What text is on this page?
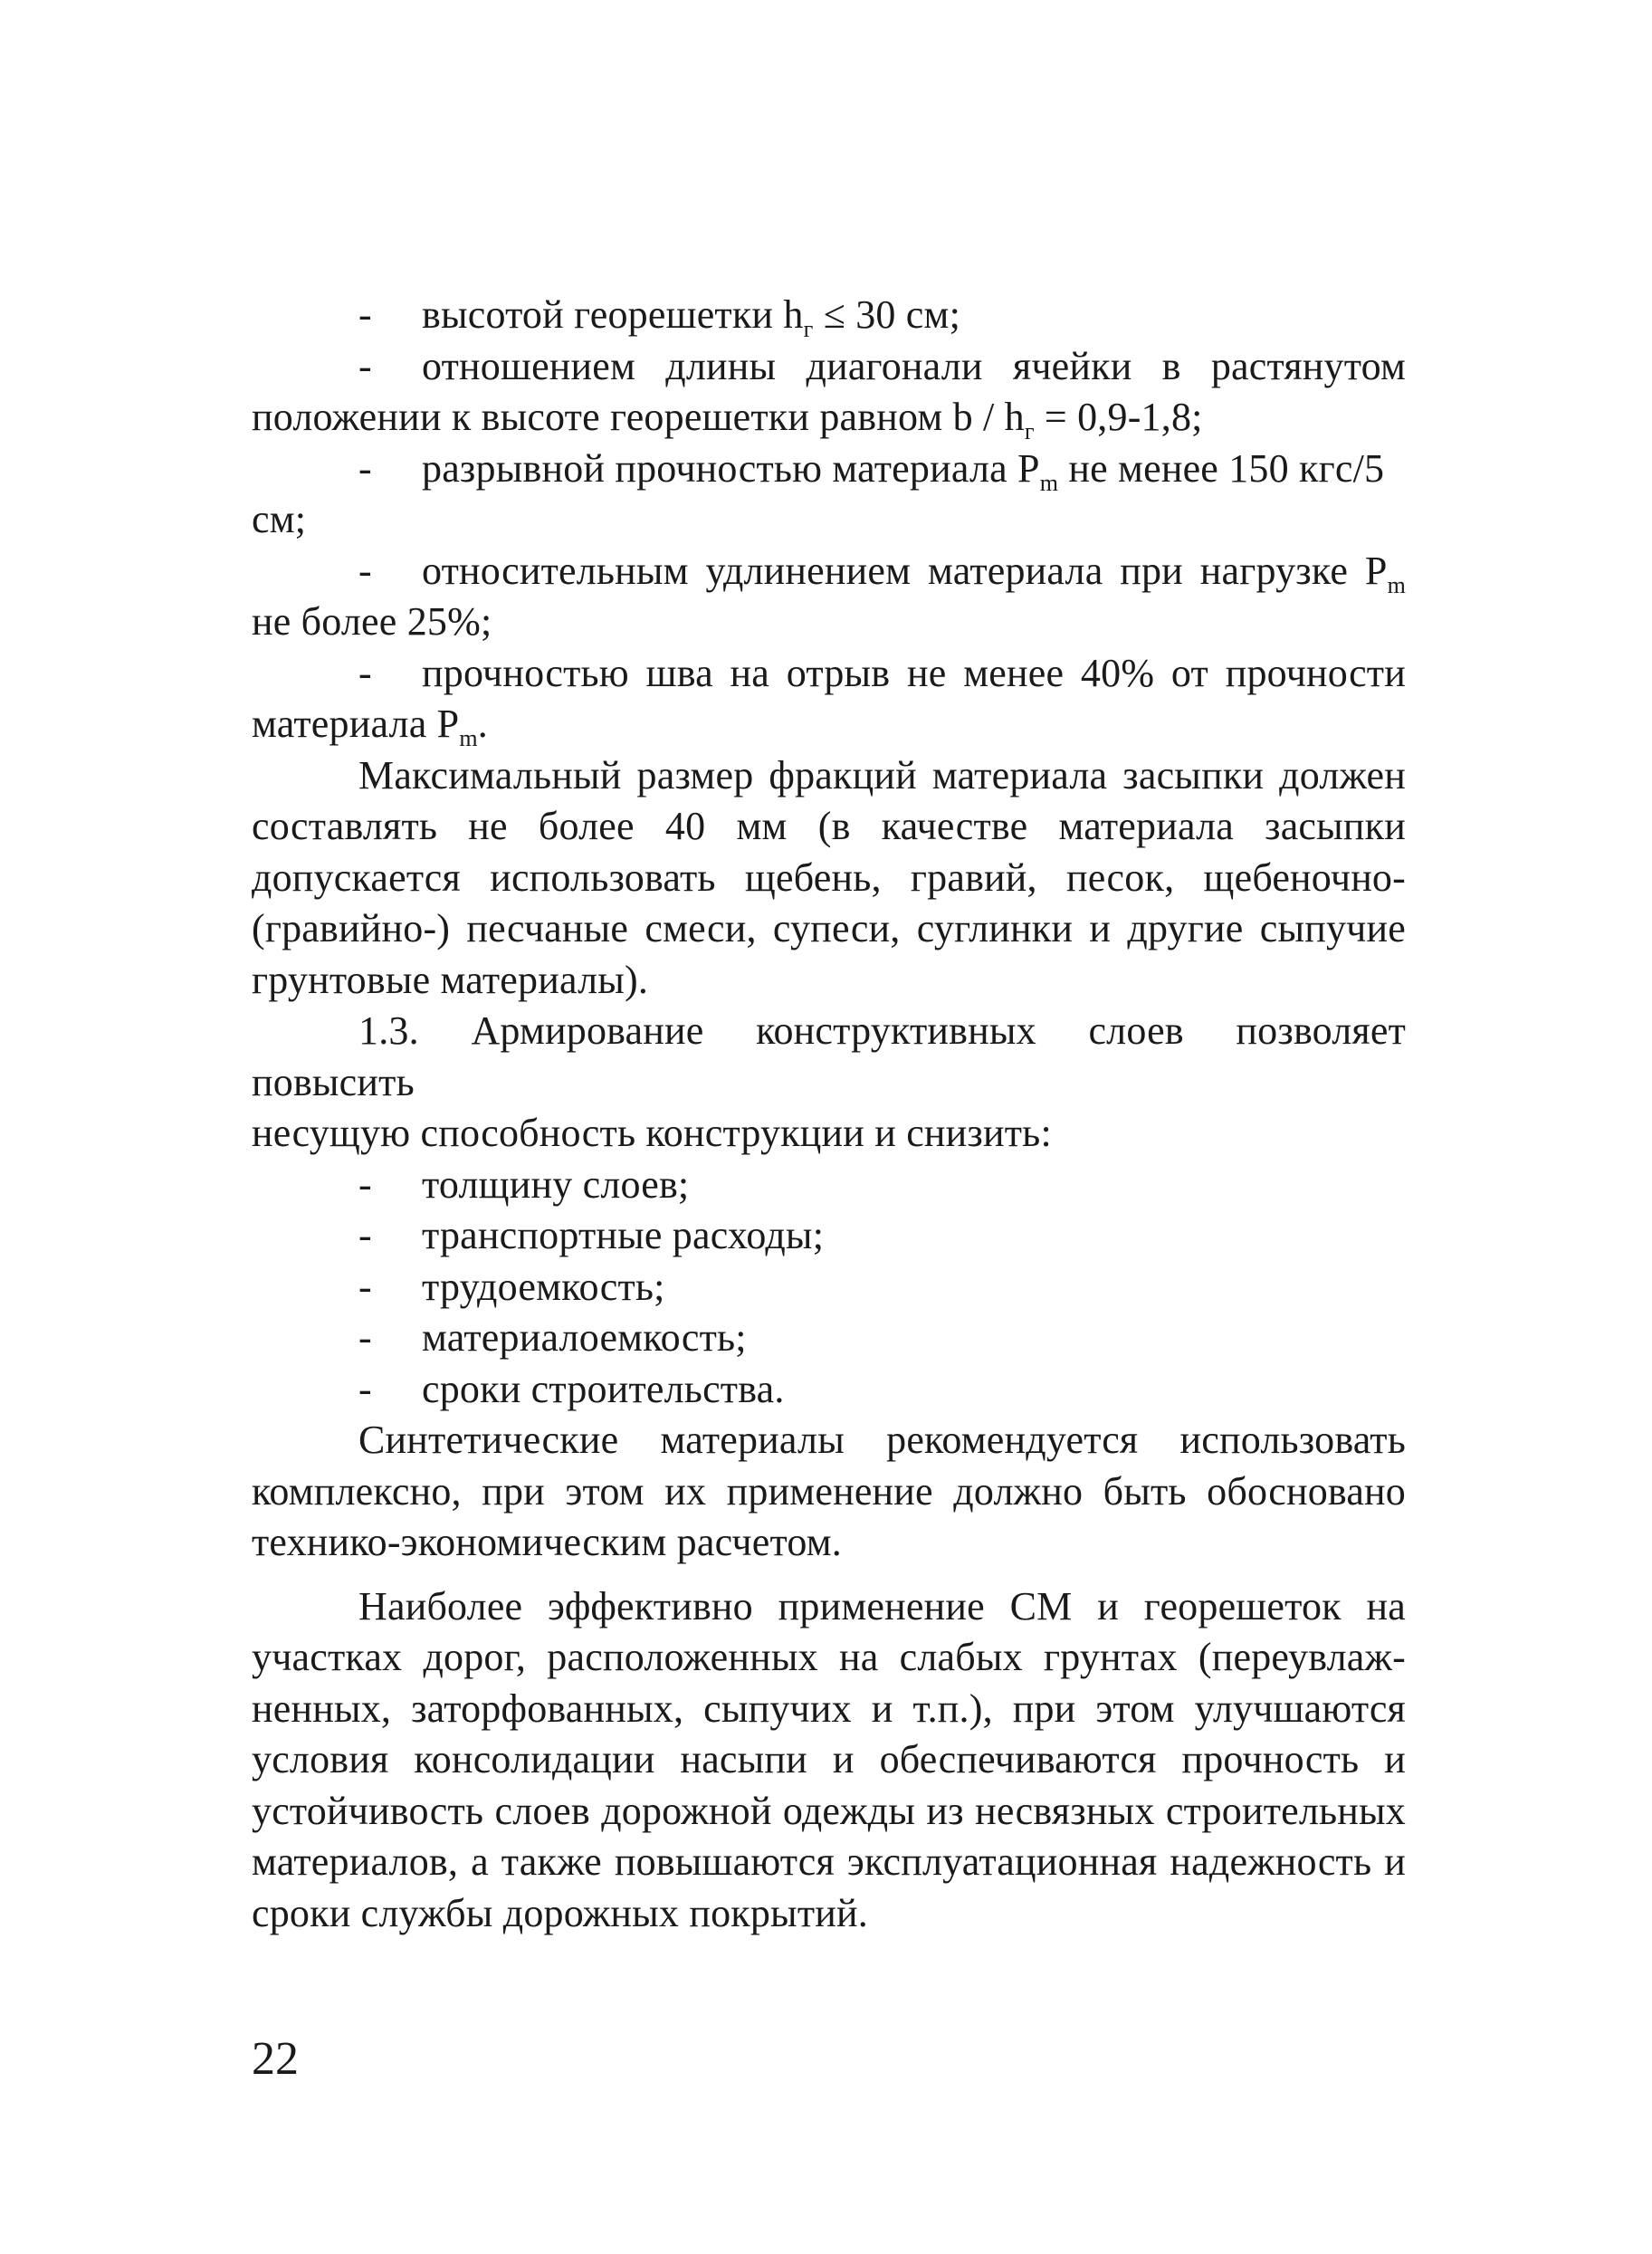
-	высотой георешетки $h_г \le 30$ см;
-	отношением длины диагонали ячейки в растянутом
положении к высоте георешетки равном $b / h_г = 0,9-1,8$;
-	разрывной прочностью материала $P_m$ не менее 150 кгс/5
см;
-	относительным удлинением материала при нагрузке $P_m$
не более 25%;
-	прочностью шва на отрыв не менее 40% от прочности
материала $P_m$.
Максимальный размер фракций материала засыпки должен
составлять не более 40 мм (в качестве материала засыпки
допускается использовать щебень, гравий, песок, щебеночно-
(гравийно-) песчаные смеси, супеси, суглинки и другие сыпучие
грунтовые материалы).
1.3. Армирование конструктивных слоев позволяет повысить
несущую способность конструкции и снизить:
-	толщину слоев;
-	транспортные расходы;
-	трудоемкость;
-	материалоемкость;
-	сроки строительства.
Синтетические материалы рекомендуется использовать
комплексно, при этом их применение должно быть обосновано
технико-экономическим расчетом.
Наиболее эффективно применение СМ и георешеток на
участках дорог, расположенных на слабых грунтах (переувлаж-
ненных, заторфованных, сыпучих и т.п.), при этом улучшаются
условия консолидации насыпи и обеспечиваются прочность и
устойчивость слоев дорожной одежды из несвязных строительных
материалов, а также повышаются эксплуатационная надежность и
сроки службы дорожных покрытий.
22
